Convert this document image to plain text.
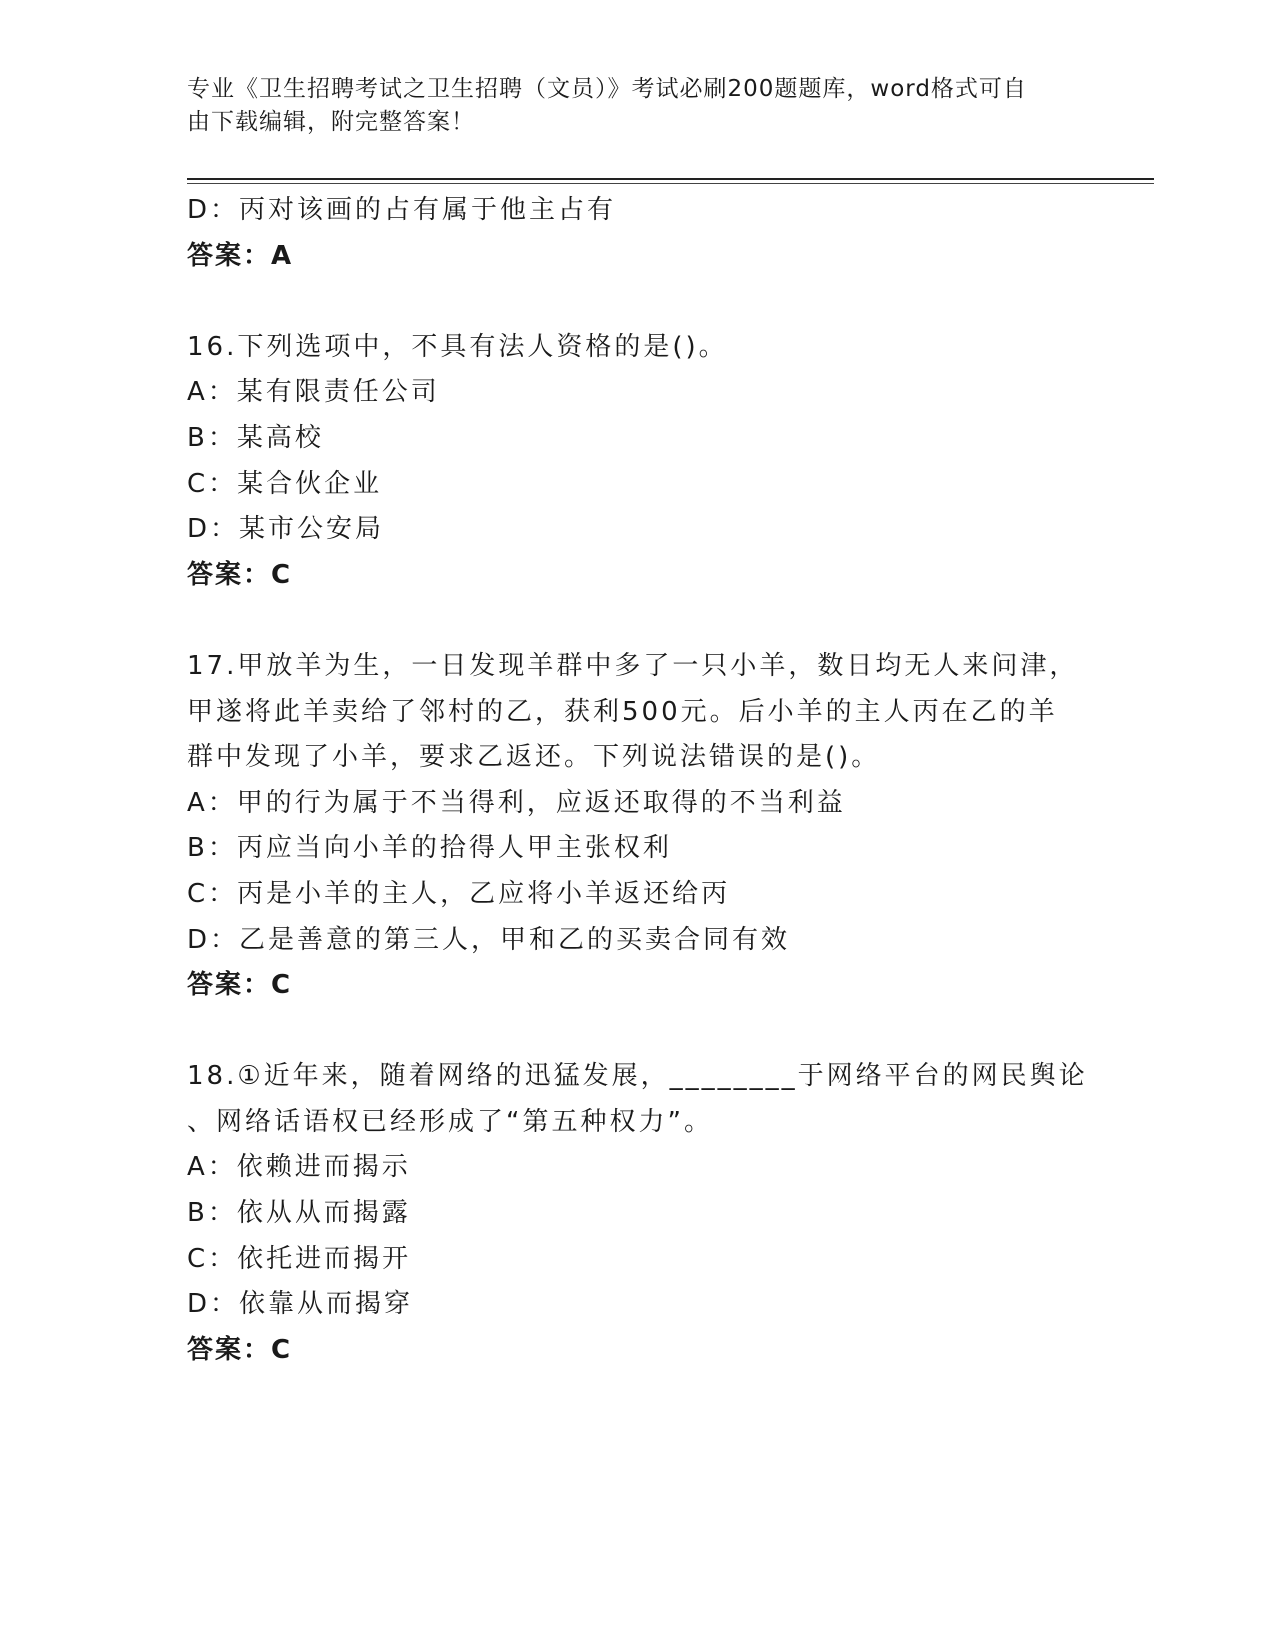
专业《卫生招聘考试之卫生招聘（文员）》考试必刷200题题库，word格式可自
由下载编辑，附完整答案！
D：丙对该画的占有属于他主占有
答案：A
16.下列选项中，不具有法人资格的是()。
A：某有限责任公司
B：某高校
C：某合伙企业
D：某市公安局
答案：C
17.甲放羊为生，一日发现羊群中多了一只小羊，数日均无人来问津，
甲遂将此羊卖给了邻村的乙，获利500元。后小羊的主人丙在乙的羊
群中发现了小羊，要求乙返还。下列说法错误的是()。
A：甲的行为属于不当得利，应返还取得的不当利益
B：丙应当向小羊的拾得人甲主张权利
C：丙是小羊的主人，乙应将小羊返还给丙
D：乙是善意的第三人，甲和乙的买卖合同有效
答案：C
18.①近年来，随着网络的迅猛发展，________于网络平台的网民舆论
、网络话语权已经形成了“第五种权力”。
A：依赖进而揭示
B：依从从而揭露
C：依托进而揭开
D：依靠从而揭穿
答案：C
